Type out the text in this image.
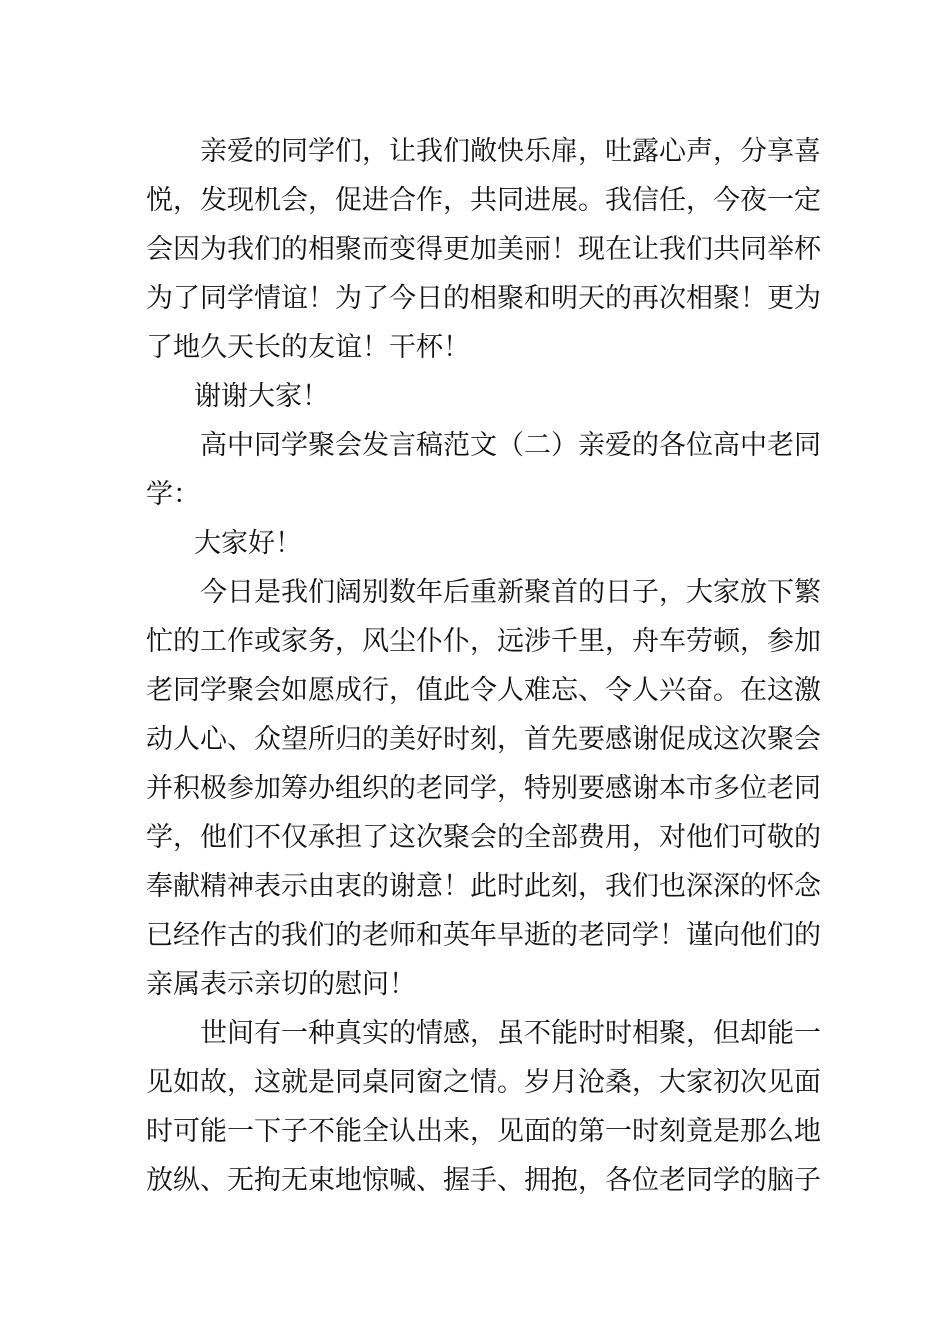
亲爱的同学们，让我们敞快乐扉，吐露心声，分享喜
悦，发现机会，促进合作，共同进展。我信任，今夜一定
会因为我们的相聚而变得更加美丽！现在让我们共同举杯
为了同学情谊！为了今日的相聚和明天的再次相聚！更为
了地久天长的友谊！干杯！
谢谢大家！
高中同学聚会发言稿范文（二）亲爱的各位高中老同
学：
大家好！
今日是我们阔别数年后重新聚首的日子，大家放下繁
忙的工作或家务，风尘仆仆，远涉千里，舟车劳顿，参加
老同学聚会如愿成行，值此令人难忘、令人兴奋。在这激
动人心、众望所归的美好时刻，首先要感谢促成这次聚会
并积极参加筹办组织的老同学，特别要感谢本市多位老同
学，他们不仅承担了这次聚会的全部费用，对他们可敬的
奉献精神表示由衷的谢意！此时此刻，我们也深深的怀念
已经作古的我们的老师和英年早逝的老同学！谨向他们的
亲属表示亲切的慰问！
世间有一种真实的情感，虽不能时时相聚，但却能一
见如故，这就是同桌同窗之情。岁月沧桑，大家初次见面
时可能一下子不能全认出来，见面的第一时刻竟是那么地
放纵、无拘无束地惊喊、握手、拥抱，各位老同学的脑子
